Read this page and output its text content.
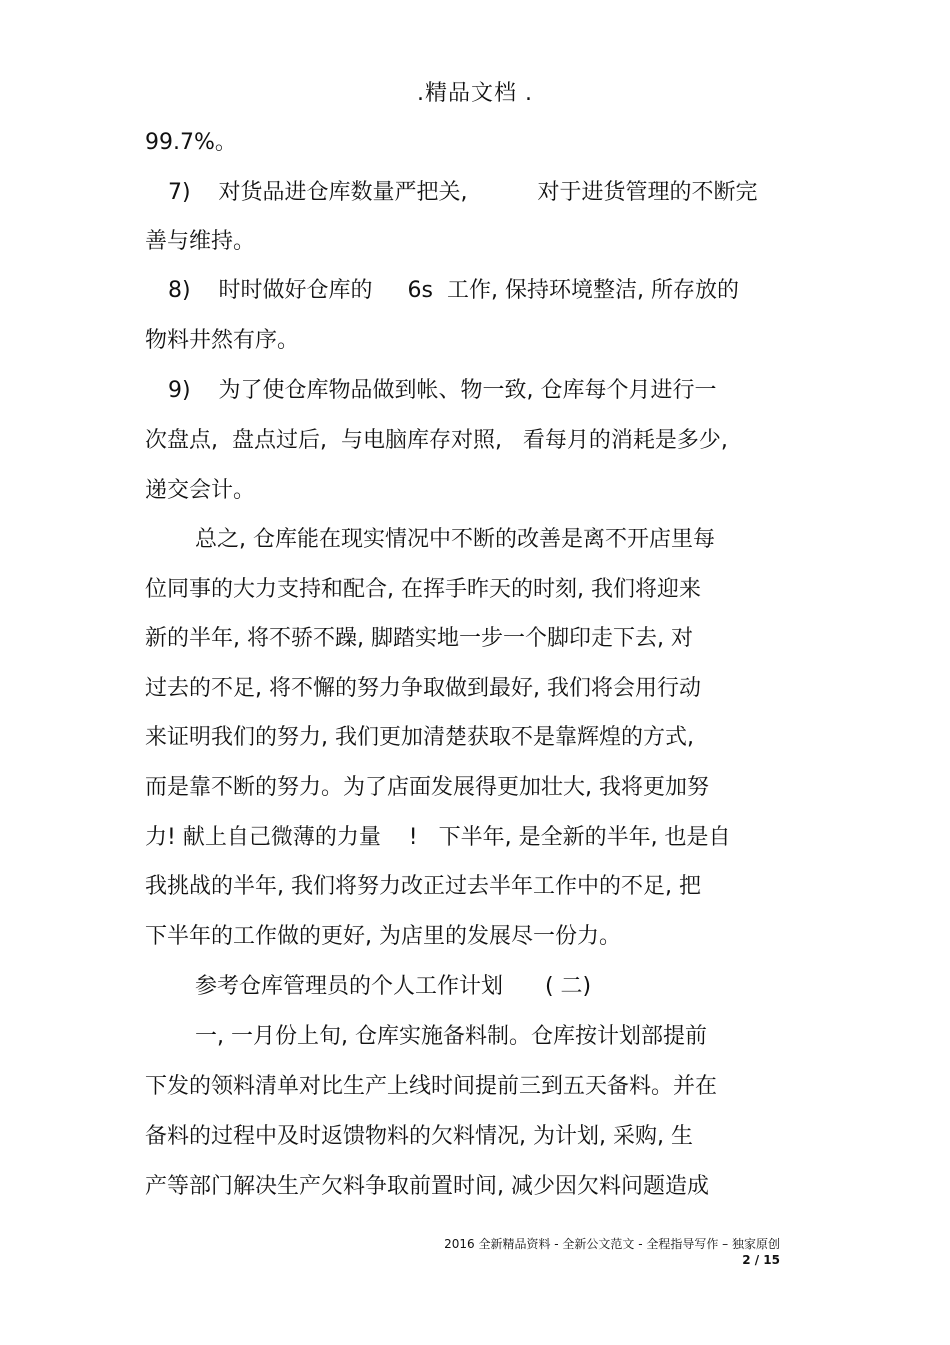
.精品文档 .
99.7%。
7)    对货品进仓库数量严把关,          对于进货管理的不断完
善与维持。
8)    时时做好仓库的     6s  工作, 保持环境整洁, 所存放的
物料井然有序。
9)    为了使仓库物品做到帐、物一致, 仓库每个月进行一
次盘点,  盘点过后,  与电脑库存对照,   看每月的消耗是多少,
递交会计。
总之, 仓库能在现实情况中不断的改善是离不开店里每
位同事的大力支持和配合, 在挥手昨天的时刻, 我们将迎来
新的半年, 将不骄不躁, 脚踏实地一步一个脚印走下去, 对
过去的不足, 将不懈的努力争取做到最好, 我们将会用行动
来证明我们的努力, 我们更加清楚获取不是靠辉煌的方式,
而是靠不断的努力。为了店面发展得更加壮大, 我将更加努
力! 献上自己微薄的力量    !   下半年, 是全新的半年, 也是自
我挑战的半年, 我们将努力改正过去半年工作中的不足, 把
下半年的工作做的更好, 为店里的发展尽一份力。
参考仓库管理员的个人工作计划      ( 二)
一, 一月份上旬, 仓库实施备料制。仓库按计划部提前
下发的领料清单对比生产上线时间提前三到五天备料。并在
备料的过程中及时返馈物料的欠料情况, 为计划, 采购, 生
产等部门解决生产欠料争取前置时间, 减少因欠料问题造成
2016 全新精品资料 - 全新公文范文 - 全程指导写作 – 独家原创
2 / 15
